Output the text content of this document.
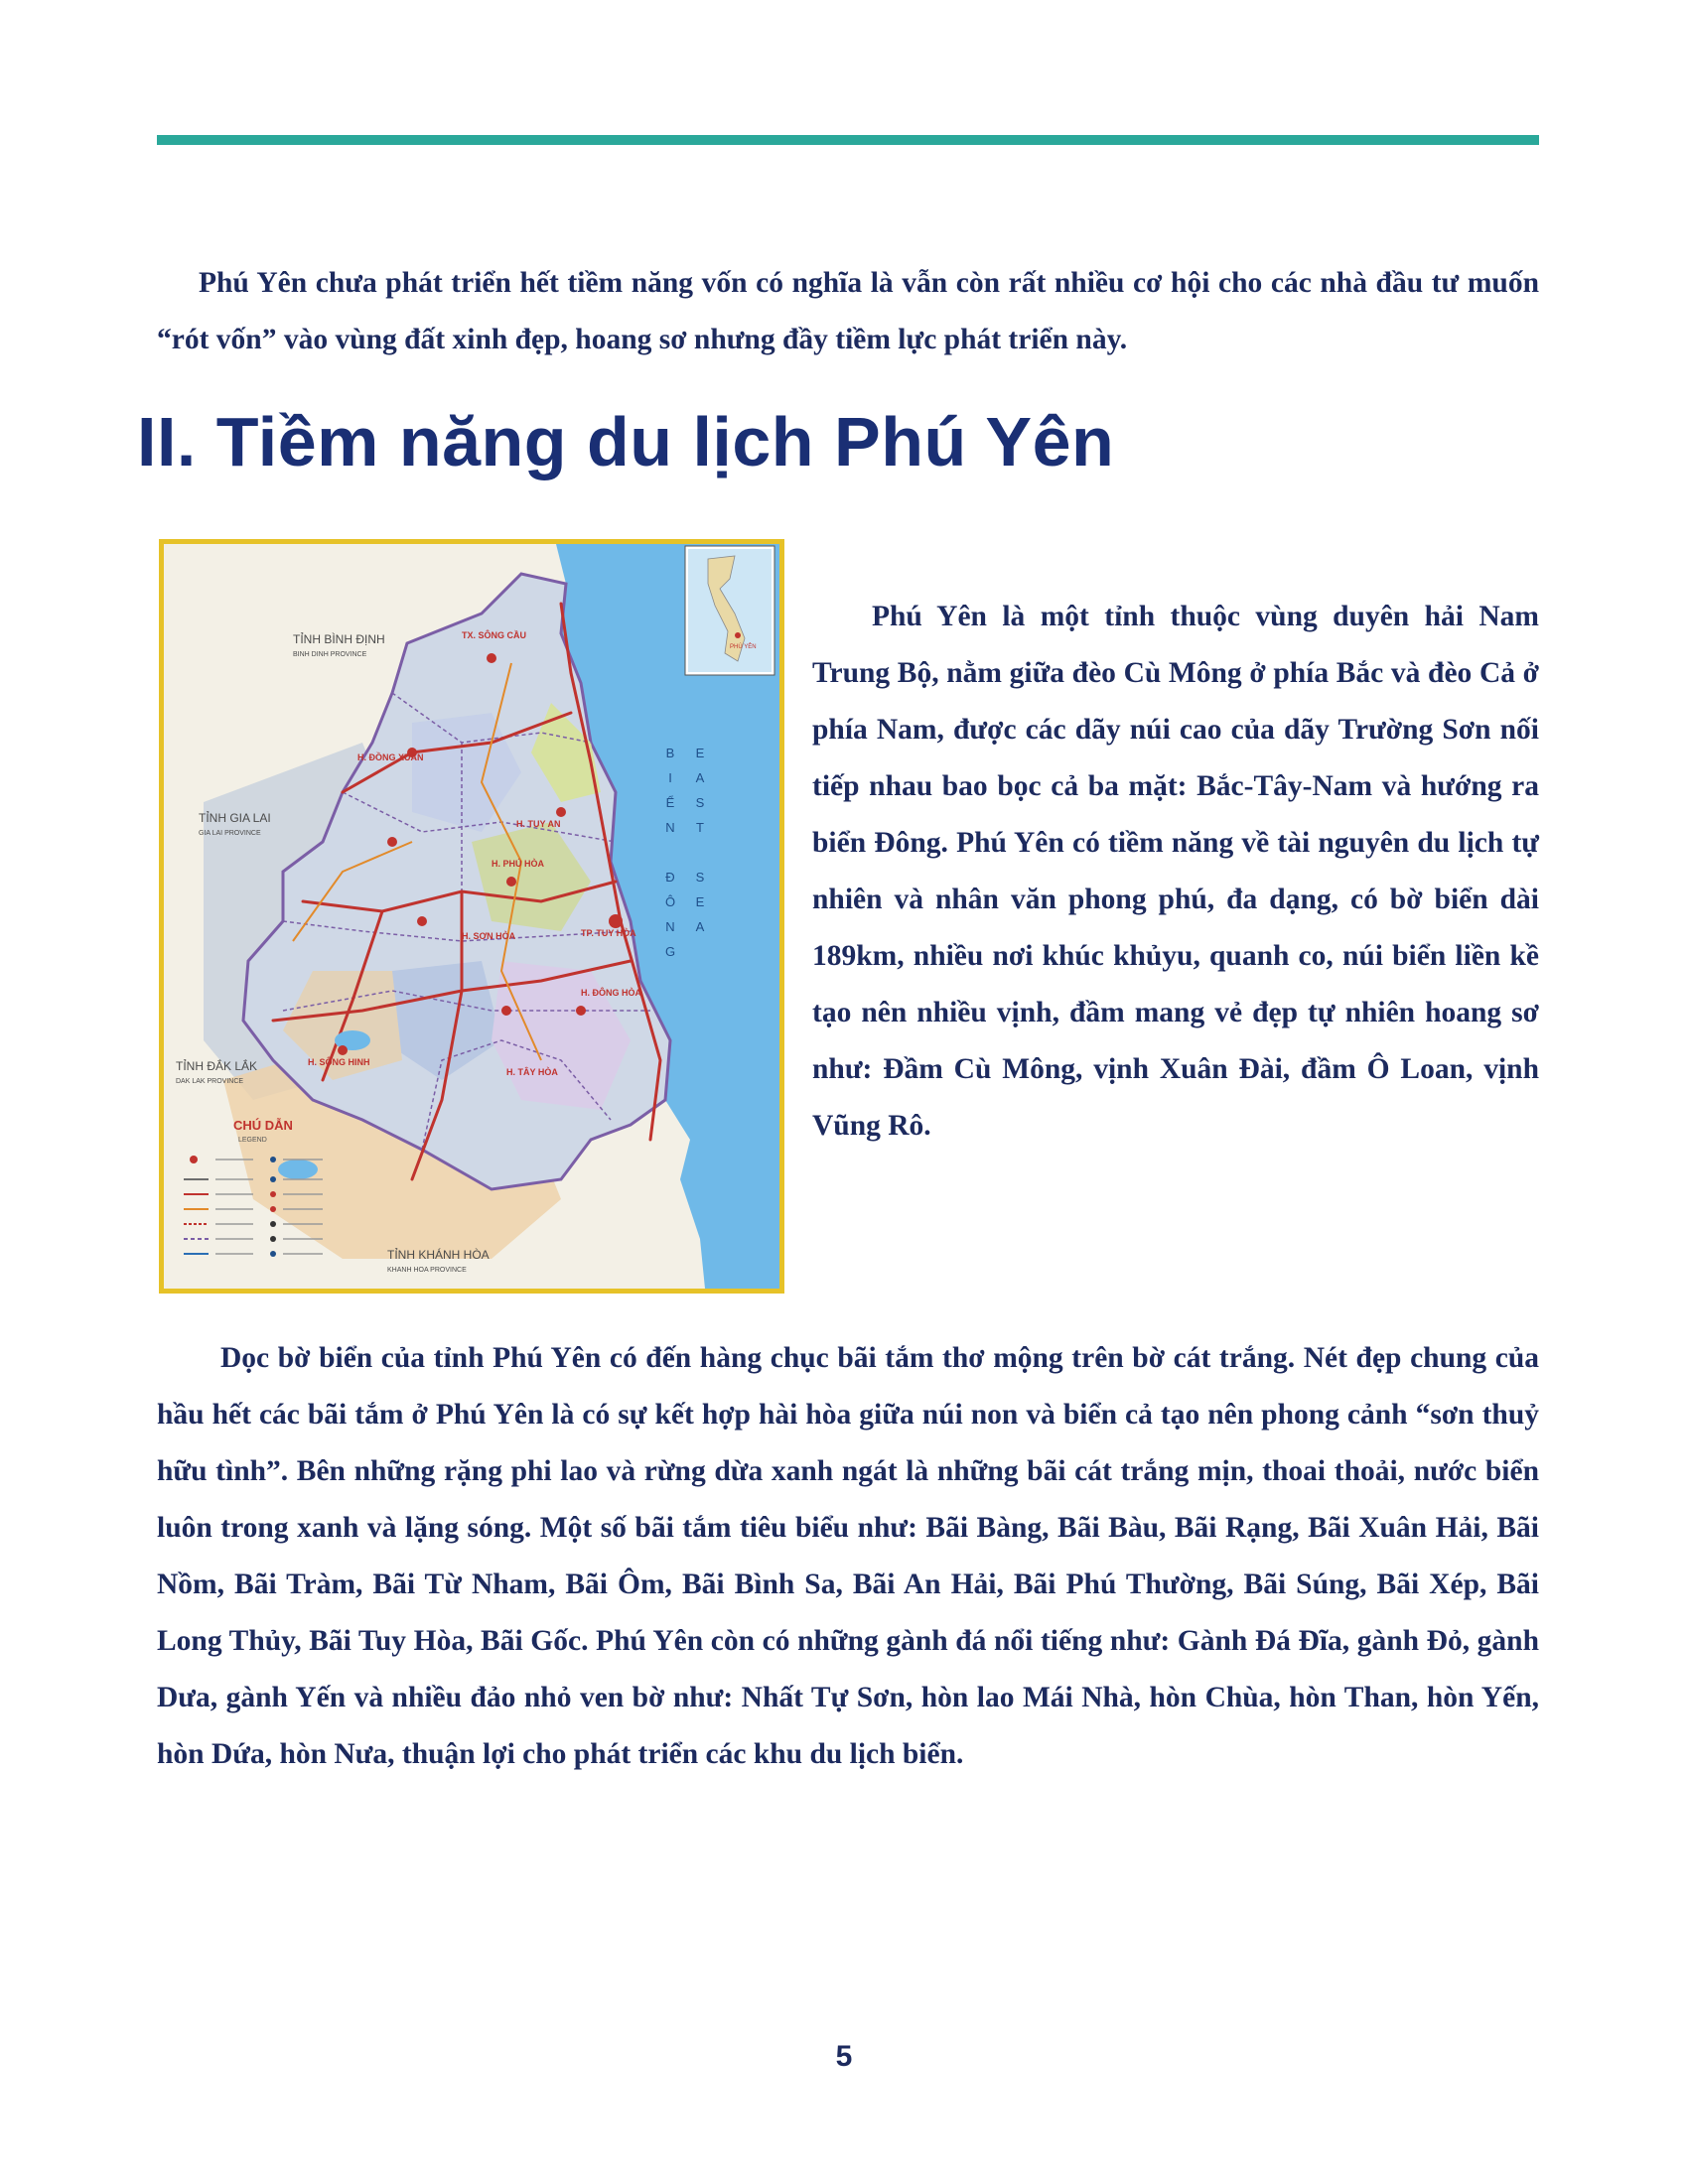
Phú Yên chưa phát triển hết tiềm năng vốn có nghĩa là vẫn còn rất nhiều cơ hội cho các nhà đầu tư muốn “rót vốn” vào vùng đất xinh đẹp, hoang sơ nhưng đầy tiềm lực phát triển này.

II. Tiềm năng du lịch Phú Yên
TỈNH BÌNH ĐỊNH
BINH DINH PROVINCE
TỈNH GIA LAI
GIA LAI PROVINCE
TỈNH ĐẮK LẮK
DAK LAK PROVINCE
TỈNH KHÁNH HÒA
KHANH HOA PROVINCE
TX. SÔNG CẦU
H. ĐỒNG XUÂN
H. TUY AN
H. PHÚ HÒA
H. SƠN HÒA
H. SÔNG HINH
H. TÂY HÒA
H. ĐÔNG HÒA
TP. TUY HÒA
B
I
Ể
N
Đ
Ô
N
G
E
A
S
T
S
E
A
PHÚ YÊN
CHÚ DẪN
LEGEND

Phú Yên là một tỉnh thuộc vùng duyên hải Nam Trung Bộ, nằm giữa đèo Cù Mông ở phía Bắc và đèo Cả ở phía Nam, được các dãy núi cao của dãy Trường Sơn nối tiếp nhau bao bọc cả ba mặt: Bắc-Tây-Nam và hướng ra biển Đông. Phú Yên có tiềm năng về tài nguyên du lịch tự nhiên và nhân văn phong phú, đa dạng, có bờ biển dài 189km, nhiều nơi khúc khủyu, quanh co, núi biển liền kề tạo nên nhiều vịnh, đầm mang vẻ đẹp tự nhiên hoang sơ như: Đầm Cù Mông, vịnh Xuân Đài, đầm Ô Loan, vịnh Vũng Rô.

Dọc bờ biển của tỉnh Phú Yên có đến hàng chục bãi tắm thơ mộng trên bờ cát trắng. Nét đẹp chung của hầu hết các bãi tắm ở Phú Yên là có sự kết hợp hài hòa giữa núi non và biển cả tạo nên phong cảnh “sơn thuỷ hữu tình”. Bên những rặng phi lao và rừng dừa xanh ngát là những bãi cát trắng mịn, thoai thoải, nước biển luôn trong xanh và lặng sóng. Một số bãi tắm tiêu biểu như: Bãi Bàng, Bãi Bàu, Bãi Rạng, Bãi Xuân Hải, Bãi Nồm, Bãi Tràm, Bãi Từ Nham, Bãi Ôm, Bãi Bình Sa, Bãi An Hải, Bãi Phú Thường, Bãi Súng, Bãi Xép, Bãi Long Thủy, Bãi Tuy Hòa, Bãi Gốc. Phú Yên còn có những gành đá nổi tiếng như: Gành Đá Đĩa, gành Đỏ, gành Dưa, gành Yến và nhiều đảo nhỏ ven bờ như: Nhất Tự Sơn, hòn lao Mái Nhà, hòn Chùa, hòn Than, hòn Yến, hòn Dứa, hòn Nưa, thuận lợi cho phát triển các khu du lịch biển.

5
